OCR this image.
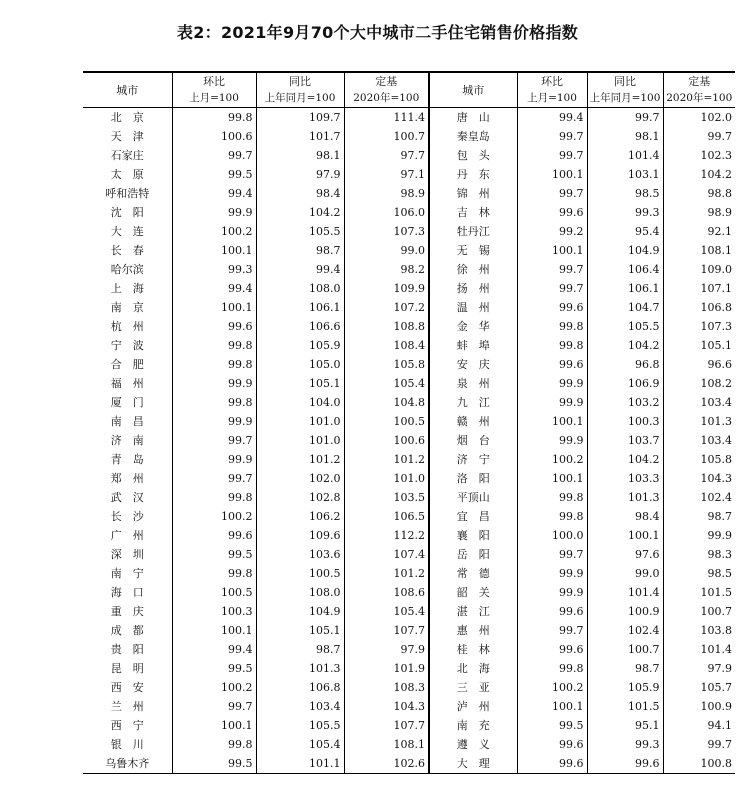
表2：2021年9月70个大中城市二手住宅销售价格指数
城市	环比	同比	定基	城市	环比	同比	定基
	上月=100	上年同月=100	2020年=100		上月=100	上年同月=100	2020年=100
北　京	99.8	109.7	111.4	唐　山	99.4	99.7	102.0
天　津	100.6	101.7	100.7	秦皇岛	99.7	98.1	99.7
石家庄	99.7	98.1	97.7	包　头	99.7	101.4	102.3
太　原	99.5	97.9	97.1	丹　东	100.1	103.1	104.2
呼和浩特	99.4	98.4	98.9	锦　州	99.7	98.5	98.8
沈　阳	99.9	104.2	106.0	吉　林	99.6	99.3	98.9
大　连	100.2	105.5	107.3	牡丹江	99.2	95.4	92.1
长　春	100.1	98.7	99.0	无　锡	100.1	104.9	108.1
哈尔滨	99.3	99.4	98.2	徐　州	99.7	106.4	109.0
上　海	99.4	108.0	109.9	扬　州	99.7	106.1	107.1
南　京	100.1	106.1	107.2	温　州	99.6	104.7	106.8
杭　州	99.6	106.6	108.8	金　华	99.8	105.5	107.3
宁　波	99.8	105.9	108.4	蚌　埠	99.8	104.2	105.1
合　肥	99.8	105.0	105.8	安　庆	99.6	96.8	96.6
福　州	99.9	105.1	105.4	泉　州	99.9	106.9	108.2
厦　门	99.8	104.0	104.8	九　江	99.9	103.2	103.4
南　昌	99.9	101.0	100.5	赣　州	100.1	100.3	101.3
济　南	99.7	101.0	100.6	烟　台	99.9	103.7	103.4
青　岛	99.9	101.2	101.2	济　宁	100.2	104.2	105.8
郑　州	99.7	102.0	101.0	洛　阳	100.1	103.3	104.3
武　汉	99.8	102.8	103.5	平顶山	99.8	101.3	102.4
长　沙	100.2	106.2	106.5	宜　昌	99.8	98.4	98.7
广　州	99.6	109.6	112.2	襄　阳	100.0	100.1	99.9
深　圳	99.5	103.6	107.4	岳　阳	99.7	97.6	98.3
南　宁	99.8	100.5	101.2	常　德	99.9	99.0	98.5
海　口	100.5	108.0	108.6	韶　关	99.9	101.4	101.5
重　庆	100.3	104.9	105.4	湛　江	99.6	100.9	100.7
成　都	100.1	105.1	107.7	惠　州	99.7	102.4	103.8
贵　阳	99.4	98.7	97.9	桂　林	99.6	100.7	101.4
昆　明	99.5	101.3	101.9	北　海	99.8	98.7	97.9
西　安	100.2	106.8	108.3	三　亚	100.2	105.9	105.7
兰　州	99.7	103.4	104.3	泸　州	100.1	101.5	100.9
西　宁	100.1	105.5	107.7	南　充	99.5	95.1	94.1
银　川	99.8	105.4	108.1	遵　义	99.6	99.3	99.7
乌鲁木齐	99.5	101.1	102.6	大　理	99.6	99.6	100.8
